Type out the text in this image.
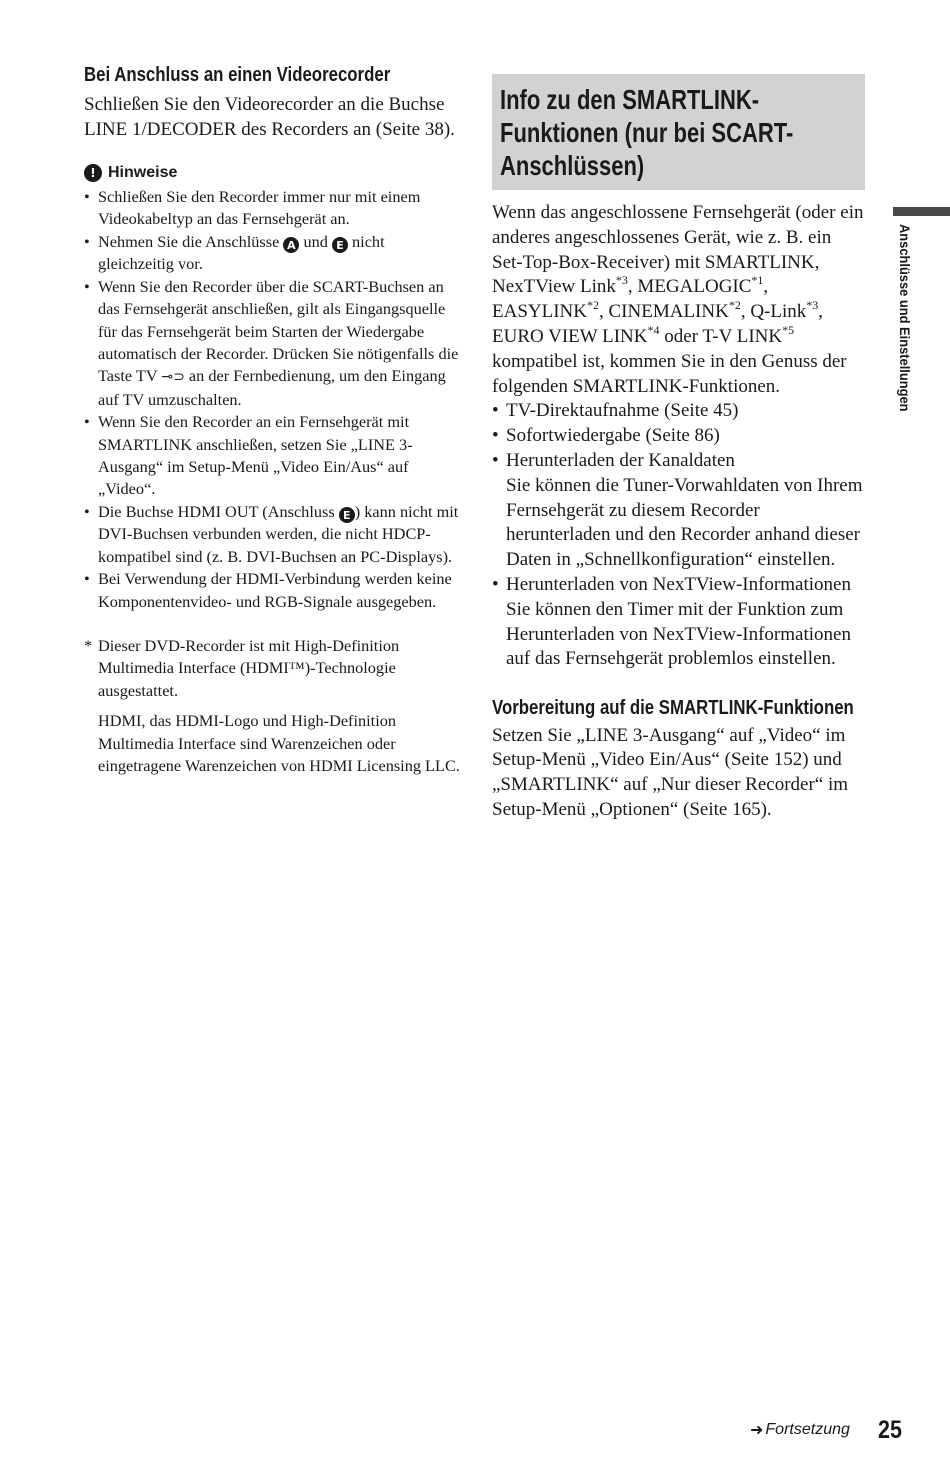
Bei Anschluss an einen Videorecorder

Schließen Sie den Videorecorder an die Buchse LINE 1/DECODER des Recorders an (Seite 38).

! Hinweise
• Schließen Sie den Recorder immer nur mit einem Videokabeltyp an das Fernsehgerät an.
• Nehmen Sie die Anschlüsse A und E nicht gleichzeitig vor.
• Wenn Sie den Recorder über die SCART-Buchsen an das Fernsehgerät anschließen, gilt als Eingangsquelle für das Fernsehgerät beim Starten der Wiedergabe automatisch der Recorder. Drücken Sie nötigenfalls die Taste TV ⊸⊃ an der Fernbedienung, um den Eingang auf TV umzuschalten.
• Wenn Sie den Recorder an ein Fernsehgerät mit SMARTLINK anschließen, setzen Sie „LINE 3-Ausgang“ im Setup-Menü „Video Ein/Aus“ auf „Video“.
• Die Buchse HDMI OUT (Anschluss E ) kann nicht mit DVI-Buchsen verbunden werden, die nicht HDCP-kompatibel sind (z. B. DVI-Buchsen an PC-Displays).
• Bei Verwendung der HDMI-Verbindung werden keine Komponentenvideo- und RGB-Signale ausgegeben.
* Dieser DVD-Recorder ist mit High-Definition Multimedia Interface (HDMI™)-Technologie ausgestattet.
HDMI, das HDMI-Logo und High-Definition Multimedia Interface sind Warenzeichen oder eingetragene Warenzeichen von HDMI Licensing LLC.
Info zu den SMARTLINK-Funktionen (nur bei SCART-Anschlüssen)

Wenn das angeschlossene Fernsehgerät (oder ein anderes angeschlossenes Gerät, wie z. B. ein Set-Top-Box-Receiver) mit SMARTLINK, NexTView Link$^{*3}$, MEGALOGIC$^{*1}$, EASYLINK$^{*2}$, CINEMALINK$^{*2}$, Q-Link$^{*3}$, EURO VIEW LINK$^{*4}$ oder T-V LINK$^{*5}$ kompatibel ist, kommen Sie in den Genuss der folgenden SMARTLINK-Funktionen.

• TV-Direktaufnahme (Seite 45)
• Sofortwiedergabe (Seite 86)
• Herunterladen der Kanaldaten
Sie können die Tuner-Vorwahldaten von Ihrem Fernsehgerät zu diesem Recorder herunterladen und den Recorder anhand dieser Daten in „Schnellkonfiguration“ einstellen.
• Herunterladen von NexTView-Informationen
Sie können den Timer mit der Funktion zum Herunterladen von NexTView-Informationen auf das Fernsehgerät problemlos einstellen.
Vorbereitung auf die SMARTLINK-Funktionen

Setzen Sie „LINE 3-Ausgang“ auf „Video“ im Setup-Menü „Video Ein/Aus“ (Seite 152) und „SMARTLINK“ auf „Nur dieser Recorder“ im Setup-Menü „Optionen“ (Seite 165).

Anschlüsse und Einstellungen
➜ Fortsetzung 25
